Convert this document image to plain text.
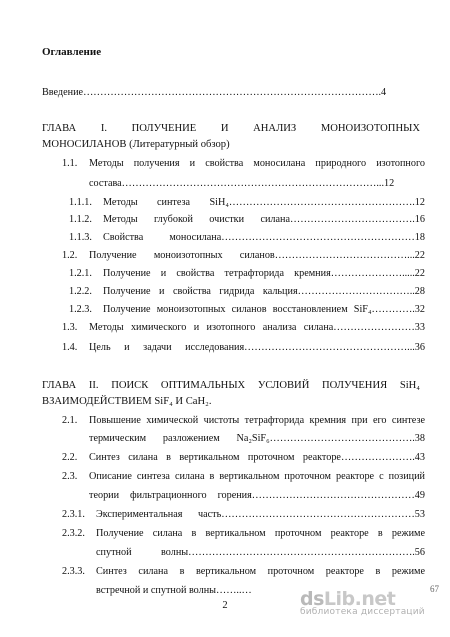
Оглавление
Введение…………………………………………………………………………….4
ГЛАВА I. ПОЛУЧЕНИЕ И АНАЛИЗ МОНОИЗОТОПНЫХ
МОНОСИЛАНОВ (Литературный обзор)
1.1. Методы получения и свойства моносилана природного изотопного
состава…………………………………………………………………...12
1.1.1. Методы синтеза SiH₄……………………………………………….12
1.1.2. Методы глубокой очистки силана……………………………….16
1.1.3. Свойства моносилана…………………………………………………18
1.2. Получение моноизотопных силанов…………………………………...22
1.2.1. Получение и свойства тетрафторида кремния………………….....22
1.2.2. Получение и свойства гидрида кальция……………………………..28
1.2.3. Получение моноизотопных силанов восстановлением SiF₄………….32
1.3. Методы химического и изотопного анализа силана……………………33
1.4. Цель и задачи исследования…………………………………………...36
ГЛАВА II. ПОИСК ОПТИМАЛЬНЫХ УСЛОВИЙ ПОЛУЧЕНИЯ SiH₄
ВЗАИМОДЕЙСТВИЕМ SiF₄ И CaH₂.
2.1. Повышение химической чистоты тетрафторида кремния при его синтезе
термическим разложением Na₂SiF₆…………………………………….38
2.2. Синтез силана в вертикальном проточном реакторе………………….43
2.3. Описание синтеза силана в вертикальном проточном реакторе с позиций
теории фильтрационного горения…………………………………………49
2.3.1. Экспериментальная часть…………………………………………………53
2.3.2. Получение силана в вертикальном проточном реакторе в режиме
спутной волны………………………………………………………….56
2.3.3. Синтез силана в вертикальном проточном реакторе в режиме
встречной и спутной волны……..…	67
2	dsLib.net
библиотека диссертаций
